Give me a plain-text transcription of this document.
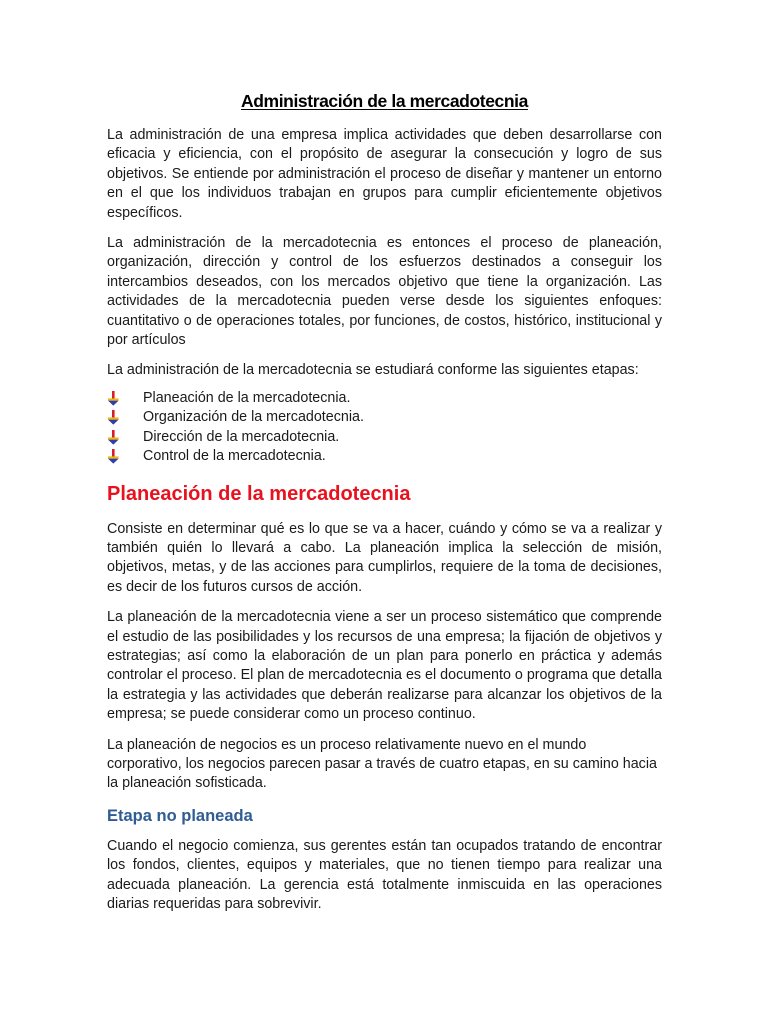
Administración de la mercadotecnia

La administración de una empresa implica actividades que deben desarrollarse con eficacia y eficiencia, con el propósito de asegurar la consecución y logro de sus objetivos. Se entiende por administración el proceso de diseñar y mantener un entorno en el que los individuos trabajan en grupos para cumplir eficientemente objetivos específicos.

La administración de la mercadotecnia es entonces el proceso de planeación, organización, dirección y control de los esfuerzos destinados a conseguir los intercambios deseados, con los mercados objetivo que tiene la organización. Las actividades de la mercadotecnia pueden verse desde los siguientes enfoques: cuantitativo o de operaciones totales, por funciones, de costos, histórico, institucional y por artículos

La administración de la mercadotecnia se estudiará conforme las siguientes etapas:

Planeación de la mercadotecnia.
Organización de la mercadotecnia.
Dirección de la mercadotecnia.
Control de la mercadotecnia.
Planeación de la mercadotecnia

Consiste en determinar qué es lo que se va a hacer, cuándo y cómo se va a realizar y también quién lo llevará a cabo. La planeación implica la selección de misión, objetivos, metas, y de las acciones para cumplirlos, requiere de la toma de decisiones, es decir de los futuros cursos de acción.

La planeación de la mercadotecnia viene a ser un proceso sistemático que comprende el estudio de las posibilidades y los recursos de una empresa; la fijación de objetivos y estrategias; así como la elaboración de un plan para ponerlo en práctica y además controlar el proceso. El plan de mercadotecnia es el documento o programa que detalla la estrategia y las actividades que deberán realizarse para alcanzar los objetivos de la empresa; se puede considerar como un proceso continuo.

La planeación de negocios es un proceso relativamente nuevo en el mundo corporativo, los negocios parecen pasar a través de cuatro etapas, en su camino hacia la planeación sofisticada.

Etapa no planeada

Cuando el negocio comienza, sus gerentes están tan ocupados tratando de encontrar los fondos, clientes, equipos y materiales, que no tienen tiempo para realizar una adecuada planeación. La gerencia está totalmente inmiscuida en las operaciones diarias requeridas para sobrevivir.
